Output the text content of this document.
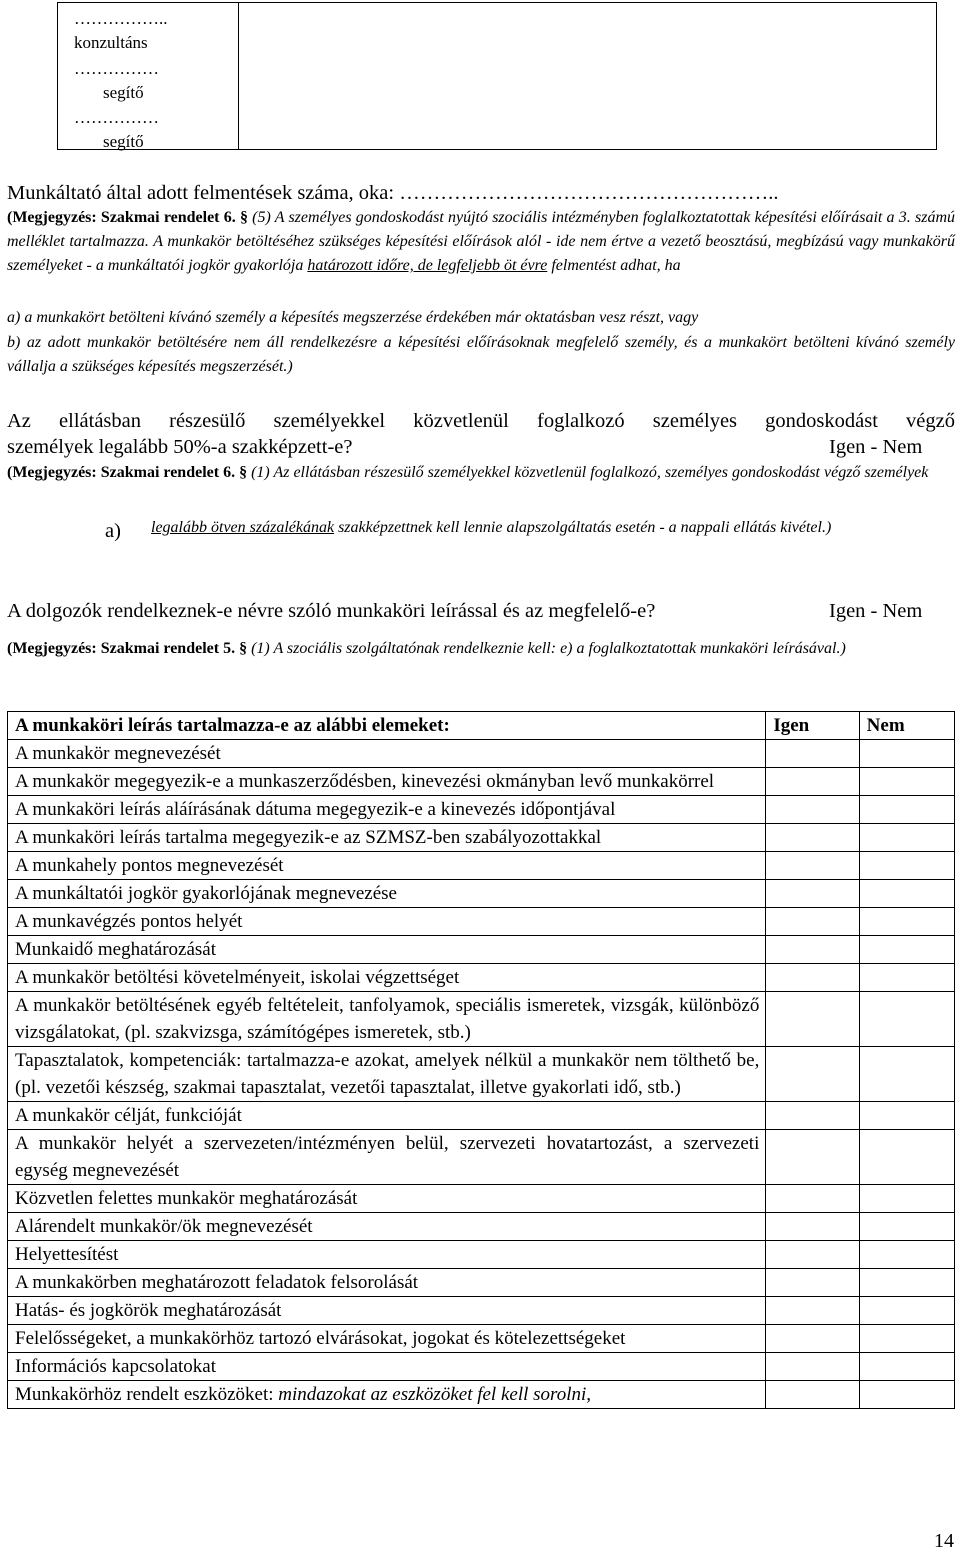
……………..
konzultáns
……………
segítő
……………
segítő
Munkáltató által adott felmentések száma, oka: ………………………………………………..
(Megjegyzés: Szakmai rendelet 6. § (5) A személyes gondoskodást nyújtó szociális intézményben foglalkoztatottak képesítési előírásait a 3. számú melléklet tartalmazza. A munkakör betöltéséhez szükséges képesítési előírások alól - ide nem értve a vezető beosztású, megbízású vagy munkakörű személyeket - a munkáltatói jogkör gyakorlója határozott időre, de legfeljebb öt évre felmentést adhat, ha
a) a munkakört betölteni kívánó személy a képesítés megszerzése érdekében már oktatásban vesz részt, vagy
b) az adott munkakör betöltésére nem áll rendelkezésre a képesítési előírásoknak megfelelő személy, és a munkakört betölteni kívánó személy vállalja a szükséges képesítés megszerzését.)
Az ellátásban részesülő személyekkel közvetlenül foglalkozó személyes gondoskodást végző
személyek legalább 50%-a szakképzett-e?	Igen - Nem
(Megjegyzés: Szakmai rendelet 6. § (1) Az ellátásban részesülő személyekkel közvetlenül foglalkozó, személyes gondoskodást végző személyek
a) legalább ötven százalékának szakképzettnek kell lennie alapszolgáltatás esetén - a nappali ellátás kivétel.)
A dolgozók rendelkeznek-e névre szóló munkaköri leírással és az megfelelő-e?	Igen - Nem
(Megjegyzés: Szakmai rendelet 5. § (1) A szociális szolgáltatónak rendelkeznie kell: e) a foglalkoztatottak munkaköri leírásával.)
A munkaköri leírás tartalmazza-e az alábbi elemeket:	Igen	Nem
A munkakör megnevezését		
A munkakör megegyezik-e a munkaszerződésben, kinevezési okmányban levő munkakörrel		
A munkaköri leírás aláírásának dátuma megegyezik-e a kinevezés időpontjával		
A munkaköri leírás tartalma megegyezik-e az SZMSZ-ben szabályozottakkal		
A munkahely pontos megnevezését		
A munkáltatói jogkör gyakorlójának megnevezése		
A munkavégzés pontos helyét		
Munkaidő meghatározását		
A munkakör betöltési követelményeit, iskolai végzettséget		
A munkakör betöltésének egyéb feltételeit, tanfolyamok, speciális ismeretek, vizsgák, különböző vizsgálatokat, (pl. szakvizsga, számítógépes ismeretek, stb.)		
Tapasztalatok, kompetenciák: tartalmazza-e azokat, amelyek nélkül a munkakör nem tölthető be, (pl. vezetői készség, szakmai tapasztalat, vezetői tapasztalat, illetve gyakorlati idő, stb.)		
A munkakör célját, funkcióját		
A munkakör helyét a szervezeten/intézményen belül, szervezeti hovatartozást, a szervezeti egység megnevezését		
Közvetlen felettes munkakör meghatározását		
Alárendelt munkakör/ök megnevezését		
Helyettesítést		
A munkakörben meghatározott feladatok felsorolását		
Hatás- és jogkörök meghatározását		
Felelősségeket, a munkakörhöz tartozó elvárásokat, jogokat és kötelezettségeket		
Információs kapcsolatokat		
Munkakörhöz rendelt eszközöket: mindazokat az eszközöket fel kell sorolni,		
14
